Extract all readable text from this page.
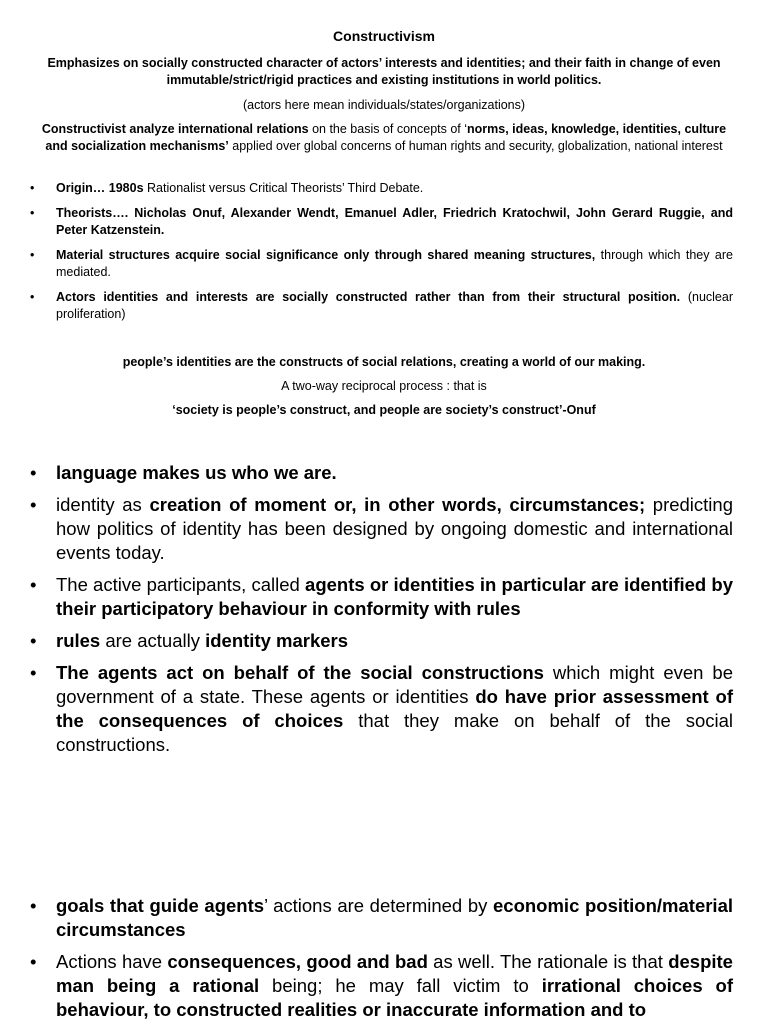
Constructivism
Emphasizes on socially constructed character of actors’ interests and identities; and their faith in change of even immutable/strict/rigid practices and existing institutions in world politics.
(actors here mean individuals/states/organizations)
Constructivist analyze international relations on the basis of concepts of ‘norms, ideas, knowledge, identities, culture and socialization mechanisms’ applied over global concerns of human rights and security, globalization, national interest
• Origin… 1980s Rationalist versus Critical Theorists’ Third Debate.
• Theorists…. Nicholas Onuf, Alexander Wendt, Emanuel Adler, Friedrich Kratochwil, John Gerard Ruggie, and Peter Katzenstein.
• Material structures acquire social significance only through shared meaning structures, through which they are mediated.
• Actors identities and interests are socially constructed rather than from their structural position. (nuclear proliferation)
people’s identities are the constructs of social relations, creating a world of our making.
A two-way reciprocal process : that is
‘society is people’s construct, and people are society’s construct’-Onuf
• language makes us who we are.
• identity as creation of moment or, in other words, circumstances; predicting how politics of identity has been designed by ongoing domestic and international events today.
• The active participants, called agents or identities in particular are identified by their participatory behaviour in conformity with rules
• rules are actually identity markers
• The agents act on behalf of the social constructions which might even be government of a state. These agents or identities do have prior assessment of the consequences of choices that they make on behalf of the social constructions.
• goals that guide agents’ actions are determined by economic position/material circumstances
• Actions have consequences, good and bad as well. The rationale is that despite man being a rational being; he may fall victim to irrational choices of behaviour, to constructed realities or inaccurate information and to
